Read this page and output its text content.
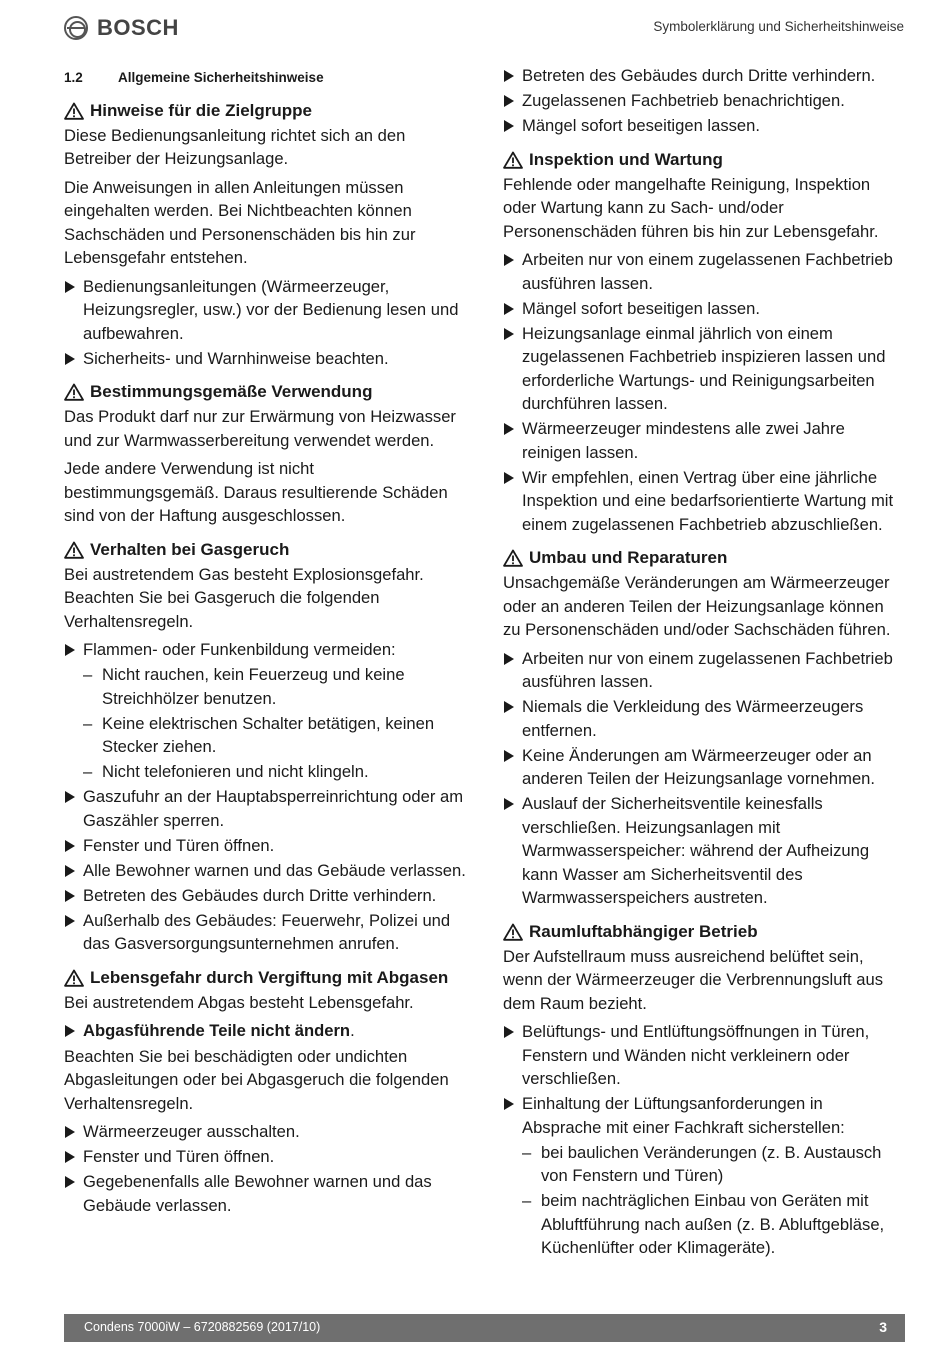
BOSCH	Symbolerklärung und Sicherheitshinweise
1.2	Allgemeine Sicherheitshinweise
Hinweise für die Zielgruppe

Diese Bedienungsanleitung richtet sich an den Betreiber der Heizungsanlage.

Die Anweisungen in allen Anleitungen müssen eingehalten werden. Bei Nichtbeachten können Sachschäden und Personenschäden bis hin zur Lebensgefahr entstehen.

Bedienungsanleitungen (Wärmeerzeuger, Heizungsregler, usw.) vor der Bedienung lesen und aufbewahren.
Sicherheits- und Warnhinweise beachten.
Bestimmungsgemäße Verwendung

Das Produkt darf nur zur Erwärmung von Heizwasser und zur Warmwasserbereitung verwendet werden.

Jede andere Verwendung ist nicht bestimmungsgemäß. Daraus resultierende Schäden sind von der Haftung ausgeschlossen.

Verhalten bei Gasgeruch

Bei austretendem Gas besteht Explosionsgefahr. Beachten Sie bei Gasgeruch die folgenden Verhaltensregeln.

Flammen- oder Funkenbildung vermeiden:
– Nicht rauchen, kein Feuerzeug und keine Streichhölzer benutzen.
– Keine elektrischen Schalter betätigen, keinen Stecker ziehen.
– Nicht telefonieren und nicht klingeln.
Gaszufuhr an der Hauptabsperreinrichtung oder am Gaszähler sperren.
Fenster und Türen öffnen.
Alle Bewohner warnen und das Gebäude verlassen.
Betreten des Gebäudes durch Dritte verhindern.
Außerhalb des Gebäudes: Feuerwehr, Polizei und das Gasversorgungsunternehmen anrufen.
Lebensgefahr durch Vergiftung mit Abgasen

Bei austretendem Abgas besteht Lebensgefahr.

Abgasführende Teile nicht ändern.

Beachten Sie bei beschädigten oder undichten Abgasleitungen oder bei Abgasgeruch die folgenden Verhaltensregeln.

Wärmeerzeuger ausschalten.
Fenster und Türen öffnen.
Gegebenenfalls alle Bewohner warnen und das Gebäude verlassen.
Betreten des Gebäudes durch Dritte verhindern.
Zugelassenen Fachbetrieb benachrichtigen.
Mängel sofort beseitigen lassen.
Inspektion und Wartung

Fehlende oder mangelhafte Reinigung, Inspektion oder Wartung kann zu Sach- und/oder Personenschäden führen bis hin zur Lebensgefahr.

Arbeiten nur von einem zugelassenen Fachbetrieb ausführen lassen.
Mängel sofort beseitigen lassen.
Heizungsanlage einmal jährlich von einem zugelassenen Fachbetrieb inspizieren lassen und erforderliche Wartungs- und Reinigungsarbeiten durchführen lassen.
Wärmeerzeuger mindestens alle zwei Jahre reinigen lassen.
Wir empfehlen, einen Vertrag über eine jährliche Inspektion und eine bedarfsorientierte Wartung mit einem zugelassenen Fachbetrieb abzuschließen.
Umbau und Reparaturen

Unsachgemäße Veränderungen am Wärmeerzeuger oder an anderen Teilen der Heizungsanlage können zu Personenschäden und/oder Sachschäden führen.

Arbeiten nur von einem zugelassenen Fachbetrieb ausführen lassen.
Niemals die Verkleidung des Wärmeerzeugers entfernen.
Keine Änderungen am Wärmeerzeuger oder an anderen Teilen der Heizungsanlage vornehmen.
Auslauf der Sicherheitsventile keinesfalls verschließen. Heizungsanlagen mit Warmwasserspeicher: während der Aufheizung kann Wasser am Sicherheitsventil des Warmwasserspeichers austreten.
Raumluftabhängiger Betrieb

Der Aufstellraum muss ausreichend belüftet sein, wenn der Wärmeerzeuger die Verbrennungsluft aus dem Raum bezieht.

Belüftungs- und Entlüftungsöffnungen in Türen, Fenstern und Wänden nicht verkleinern oder verschließen.
Einhaltung der Lüftungsanforderungen in Absprache mit einer Fachkraft sicherstellen:
– bei baulichen Veränderungen (z. B. Austausch von Fenstern und Türen)
– beim nachträglichen Einbau von Geräten mit Abluftführung nach außen (z. B. Abluftgebläse, Küchenlüfter oder Klimageräte).
Condens 7000iW – 6720882569 (2017/10)	3
